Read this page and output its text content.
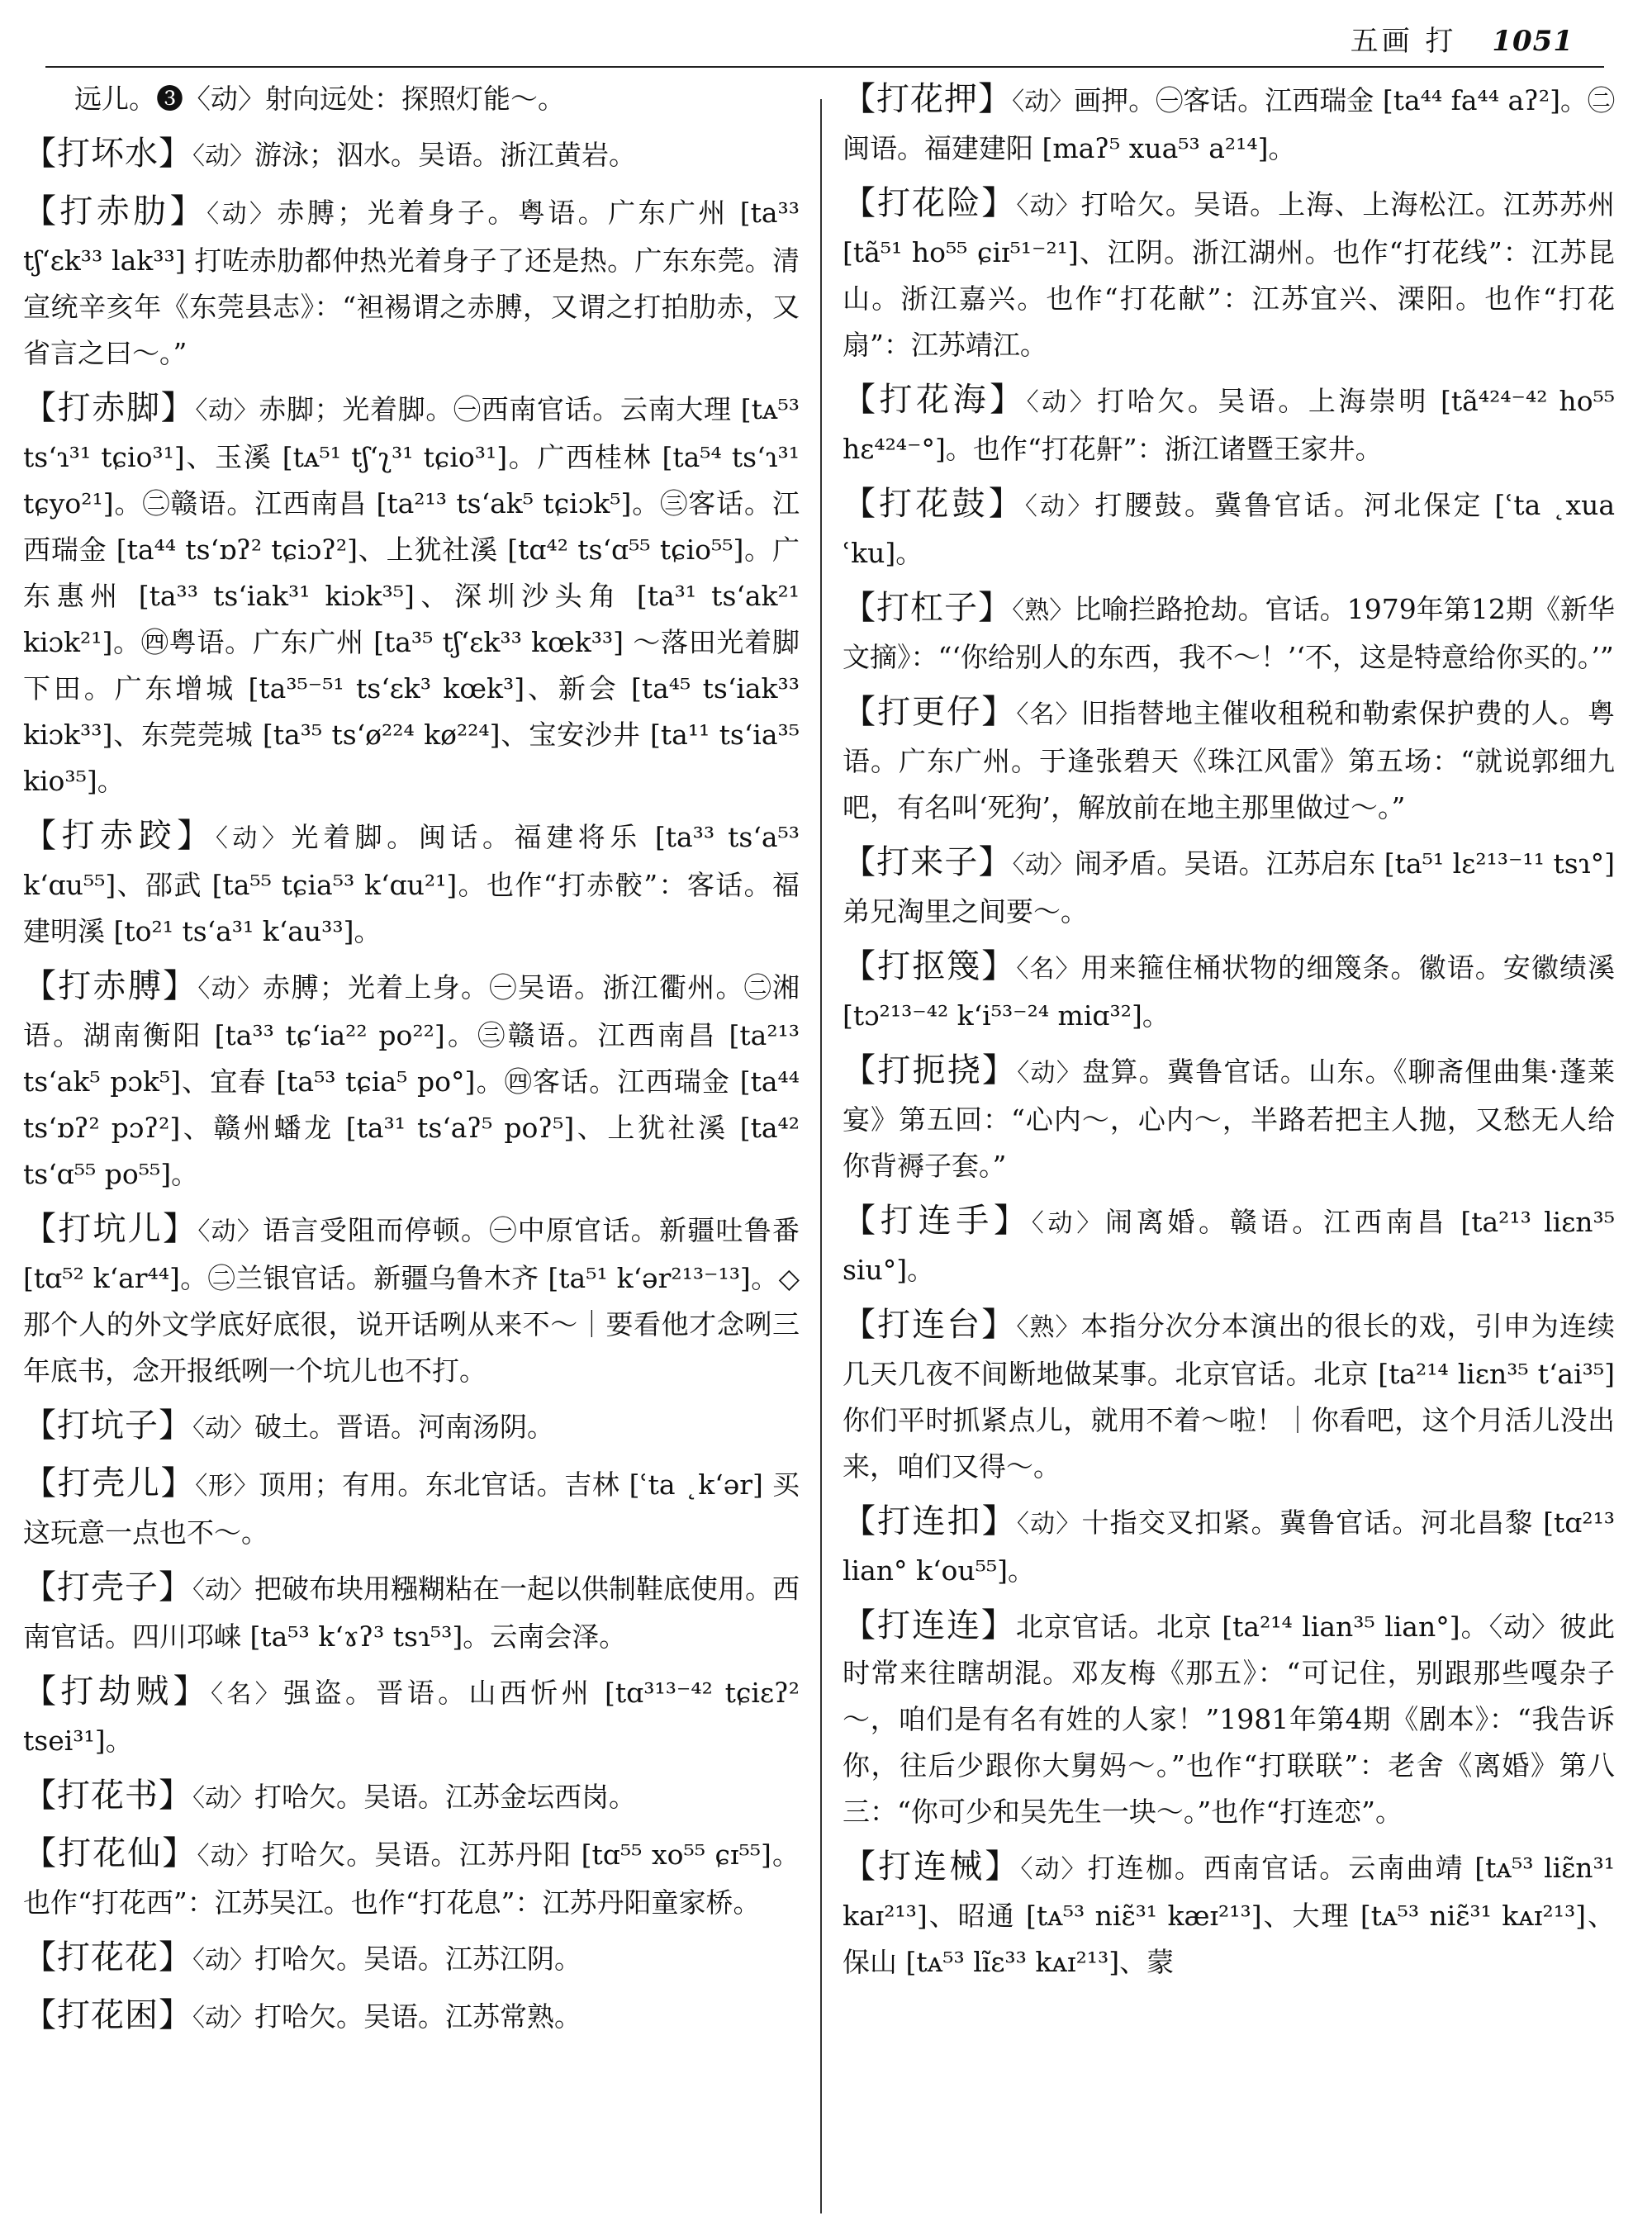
五画 打 1051

远儿。❸〈动〉射向远处：探照灯能～。

【打坏水】〈动〉游泳；泅水。吴语。浙江黄岩。

【打赤肋】〈动〉赤膊；光着身子。粤语。广东广州 [ta³³ tʃ‘ɛk³³ lak³³] 打咗赤肋都仲热光着身子了还是热。广东东莞。清宣统辛亥年《东莞县志》：“袒裼谓之赤膊，又谓之打拍肋赤，又省言之曰～。”

【打赤脚】〈动〉赤脚；光着脚。㊀西南官话。云南大理 [tᴀ⁵³ ts‘ɿ³¹ tɕio³¹]、玉溪 [tᴀ⁵¹ tʃ‘ʅ³¹ tɕio³¹]。广西桂林 [ta⁵⁴ ts‘ɿ³¹ tɕyo²¹]。㊁赣语。江西南昌 [ta²¹³ ts‘ak⁵ tɕiɔk⁵]。㊂客话。江西瑞金 [ta⁴⁴ ts‘ɒʔ² tɕiɔʔ²]、上犹社溪 [tɑ⁴² ts‘ɑ⁵⁵ tɕio⁵⁵]。广东惠州 [ta³³ ts‘iak³¹ kiɔk³⁵]、深圳沙头角 [ta³¹ ts‘ak²¹ kiɔk²¹]。㊃粤语。广东广州 [ta³⁵ tʃ‘ɛk³³ kœk³³] ～落田光着脚下田。广东增城 [ta³⁵⁻⁵¹ ts‘ɛk³ kœk³]、新会 [ta⁴⁵ ts‘iak³³ kiɔk³³]、东莞莞城 [ta³⁵ ts‘ø²²⁴ kø²²⁴]、宝安沙井 [ta¹¹ ts‘ia³⁵ kio³⁵]。

【打赤跤】〈动〉光着脚。闽话。福建将乐 [ta³³ ts‘a⁵³ k‘ɑu⁵⁵]、邵武 [ta⁵⁵ tɕia⁵³ k‘ɑu²¹]。也作“打赤骹”：客话。福建明溪 [to²¹ ts‘a³¹ k‘au³³]。

【打赤膊】〈动〉赤膊；光着上身。㊀吴语。浙江衢州。㊁湘语。湖南衡阳 [ta³³ tɕ‘ia²² po²²]。㊂赣语。江西南昌 [ta²¹³ ts‘ak⁵ pɔk⁵]、宜春 [ta⁵³ tɕia⁵ po°]。㊃客话。江西瑞金 [ta⁴⁴ ts‘ɒʔ² pɔʔ²]、赣州蟠龙 [ta³¹ ts‘aʔ⁵ poʔ⁵]、上犹社溪 [ta⁴² ts‘ɑ⁵⁵ po⁵⁵]。

【打坑儿】〈动〉语言受阻而停顿。㊀中原官话。新疆吐鲁番 [tɑ⁵² k‘ar⁴⁴]。㊁兰银官话。新疆乌鲁木齐 [ta⁵¹ k‘ər²¹³⁻¹³]。◇那个人的外文学底好底很，说开话咧从来不～｜要看他才念咧三年底书，念开报纸咧一个坑儿也不打。

【打坑子】〈动〉破土。晋语。河南汤阴。

【打壳儿】〈形〉顶用；有用。东北官话。吉林 [ʿta ˛k‘ər] 买这玩意一点也不～。

【打壳子】〈动〉把破布块用糨糊粘在一起以供制鞋底使用。西南官话。四川邛崃 [ta⁵³ k‘ɤʔ³ tsɿ⁵³]。云南会泽。

【打劫贼】〈名〉强盗。晋语。山西忻州 [tɑ³¹³⁻⁴² tɕiɛʔ² tsei³¹]。

【打花书】〈动〉打哈欠。吴语。江苏金坛西岗。

【打花仙】〈动〉打哈欠。吴语。江苏丹阳 [tɑ⁵⁵ xo⁵⁵ ɕɪ⁵⁵]。也作“打花西”：江苏吴江。也作“打花息”：江苏丹阳童家桥。

【打花花】〈动〉打哈欠。吴语。江苏江阴。

【打花困】〈动〉打哈欠。吴语。江苏常熟。

【打花押】〈动〉画押。㊀客话。江西瑞金 [ta⁴⁴ fa⁴⁴ aʔ²]。㊁闽语。福建建阳 [maʔ⁵ xua⁵³ a²¹⁴]。

【打花险】〈动〉打哈欠。吴语。上海、上海松江。江苏苏州 [tã⁵¹ ho⁵⁵ ɕiɪ⁵¹⁻²¹]、江阴。浙江湖州。也作“打花线”：江苏昆山。浙江嘉兴。也作“打花献”：江苏宜兴、溧阳。也作“打花扇”：江苏靖江。

【打花海】〈动〉打哈欠。吴语。上海崇明 [tã⁴²⁴⁻⁴² ho⁵⁵ hɛ⁴²⁴⁻°]。也作“打花鼾”：浙江诸暨王家井。

【打花鼓】〈动〉打腰鼓。冀鲁官话。河北保定 [ʿta ˛xua ʿku]。

【打杠子】〈熟〉比喻拦路抢劫。官话。1979年第12期《新华文摘》：“‘你给别人的东西，我不～！’‘不，这是特意给你买的。’”

【打更仔】〈名〉旧指替地主催收租税和勒索保护费的人。粤语。广东广州。于逢张碧天《珠江风雷》第五场：“就说郭细九吧，有名叫‘死狗’，解放前在地主那里做过～。”

【打来子】〈动〉闹矛盾。吴语。江苏启东 [ta⁵¹ lɛ²¹³⁻¹¹ tsɿ°] 弟兄淘里之间要～。

【打抠篾】〈名〉用来箍住桶状物的细篾条。徽语。安徽绩溪 [tɔ²¹³⁻⁴² k‘i⁵³⁻²⁴ miɑ³²]。

【打扼挠】〈动〉盘算。冀鲁官话。山东。《聊斋俚曲集·蓬莱宴》第五回：“心内～，心内～，半路若把主人抛，又愁无人给你背褥子套。”

【打连手】〈动〉闹离婚。赣语。江西南昌 [ta²¹³ liɛn³⁵ siu°]。

【打连台】〈熟〉本指分次分本演出的很长的戏，引申为连续几天几夜不间断地做某事。北京官话。北京 [ta²¹⁴ liɛn³⁵ t‘ai³⁵] 你们平时抓紧点儿，就用不着～啦！｜你看吧，这个月活儿没出来，咱们又得～。

【打连扣】〈动〉十指交叉扣紧。冀鲁官话。河北昌黎 [tɑ²¹³ lian° k‘ou⁵⁵]。

【打连连】北京官话。北京 [ta²¹⁴ lian³⁵ lian°]。〈动〉彼此时常来往瞎胡混。邓友梅《那五》：“可记住，别跟那些嘎杂子～，咱们是有名有姓的人家！”1981年第4期《剧本》：“我告诉你，往后少跟你大舅妈～。”也作“打联联”：老舍《离婚》第八三：“你可少和吴先生一块～。”也作“打连恋”。

【打连械】〈动〉打连枷。西南官话。云南曲靖 [tᴀ⁵³ liɛ̃n³¹ kaɪ²¹³]、昭通 [tᴀ⁵³ niɛ̃³¹ kæɪ²¹³]、大理 [tᴀ⁵³ niɛ̃³¹ kᴀɪ²¹³]、保山 [tᴀ⁵³ lĩɛ³³ kᴀɪ²¹³]、蒙
